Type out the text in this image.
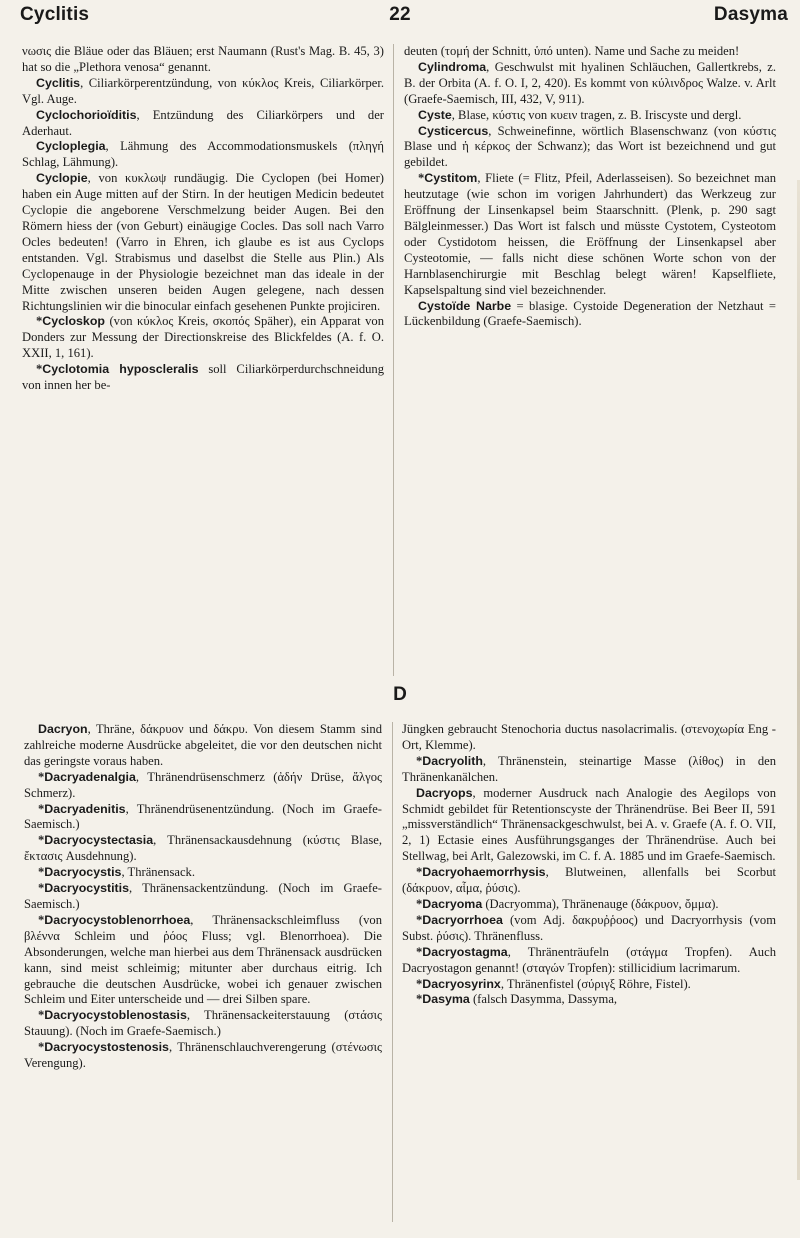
Cyclitis	22	Dasyma

νωσις die Bläue oder das Bläuen; erst Naumann (Rust's Mag. B. 45, 3) hat so die „Plethora venosa“ genannt.

Cyclitis, Ciliarkörperentzündung, von κύκλος Kreis, Ciliarkörper. Vgl. Auge.

Cyclochorioïditis, Entzündung des Ciliarkörpers und der Aderhaut.

Cycloplegia, Lähmung des Accommodationsmuskels (πληγή Schlag, Lähmung).

Cyclopie, von κυκλωψ rundäugig. Die Cyclopen (bei Homer) haben ein Auge mitten auf der Stirn. In der heutigen Medicin bedeutet Cyclopie die angeborene Verschmelzung beider Augen. Bei den Römern hiess der (von Geburt) einäugige Cocles. Das soll nach Varro Ocles bedeuten! (Varro in Ehren, ich glaube es ist aus Cyclops entstanden. Vgl. Strabismus und daselbst die Stelle aus Plin.) Als Cyclopenauge in der Physiologie bezeichnet man das ideale in der Mitte zwischen unseren beiden Augen gelegene, nach dessen Richtungslinien wir die binocular einfach gesehenen Punkte projiciren.

*Cycloskop (von κύκλος Kreis, σκοπός Späher), ein Apparat von Donders zur Messung der Directionskreise des Blickfeldes (A. f. O. XXII, 1, 161).

*Cyclotomia hyposcleralis soll Ciliarkörperdurchschneidung von innen her be-

deuten (τομή der Schnitt, ὑπό unten). Name und Sache zu meiden!

Cylindroma, Geschwulst mit hyalinen Schläuchen, Gallertkrebs, z. B. der Orbita (A. f. O. I, 2, 420). Es kommt von κύλινδρος Walze. v. Arlt (Graefe-Saemisch, III, 432, V, 911).

Cyste, Blase, κύστις von κυειν tragen, z. B. Iriscyste und dergl.

Cysticercus, Schweinefinne, wörtlich Blasenschwanz (von κύστις Blase und ἡ κέρκος der Schwanz); das Wort ist bezeichnend und gut gebildet.

*Cystitom, Fliete (= Flitz, Pfeil, Aderlasseisen). So bezeichnet man heutzutage (wie schon im vorigen Jahrhundert) das Werkzeug zur Eröffnung der Linsenkapsel beim Staarschnitt. (Plenk, p. 290 sagt Bälgleinmesser.) Das Wort ist falsch und müsste Cystotem, Cysteotom oder Cystidotom heissen, die Eröffnung der Linsenkapsel aber Cysteotomie, — falls nicht diese schönen Worte schon von der Harnblasenchirurgie mit Beschlag belegt wären! Kapselfliete, Kapselspaltung sind viel bezeichnender.

Cystoïde Narbe = blasige. Cystoide Degeneration der Netzhaut = Lückenbildung (Graefe-Saemisch).

D

Dacryon, Thräne, δάκρυον und δάκρυ. Von diesem Stamm sind zahlreiche moderne Ausdrücke abgeleitet, die vor den deutschen nicht das geringste voraus haben.

*Dacryadenalgia, Thränendrüsenschmerz (ἀδήν Drüse, ἄλγος Schmerz).

*Dacryadenitis, Thränendrüsenentzündung. (Noch im Graefe-Saemisch.)

*Dacryocystectasia, Thränensackausdehnung (κύστις Blase, ἔκτασις Ausdehnung).

*Dacryocystis, Thränensack.

*Dacryocystitis, Thränensackentzündung. (Noch im Graefe-Saemisch.)

*Dacryocystoblenorrhoea, Thränensackschleimfluss (von βλέννα Schleim und ῥόος Fluss; vgl. Blenorrhoea). Die Absonderungen, welche man hierbei aus dem Thränensack ausdrücken kann, sind meist schleimig; mitunter aber durchaus eitrig. Ich gebrauche die deutschen Ausdrücke, wobei ich genauer zwischen Schleim und Eiter unterscheide und — drei Silben spare.

*Dacryocystoblenostasis, Thränensackeiterstauung (στάσις Stauung). (Noch im Graefe-Saemisch.)

*Dacryocystostenosis, Thränenschlauchverengerung (στένωσις Verengung).

Jüngken gebraucht Stenochoria ductus nasolacrimalis. (στενοχωρία Eng - Ort, Klemme).

*Dacryolith, Thränenstein, steinartige Masse (λίθος) in den Thränenkanälchen.

Dacryops, moderner Ausdruck nach Analogie des Aegilops von Schmidt gebildet für Retentionscyste der Thränendrüse. Bei Beer II, 591 „missverständlich“ Thränensackgeschwulst, bei A. v. Graefe (A. f. O. VII, 2, 1) Ectasie eines Ausführungsganges der Thränendrüse. Auch bei Stellwag, bei Arlt, Galezowski, im C. f. A. 1885 und im Graefe-Saemisch.

*Dacryohaemorrhysis, Blutweinen, allenfalls bei Scorbut (δάκρυον, αἷμα, ῥύσις).

*Dacryoma (Dacryomma), Thränenauge (δάκρυον, ὄμμα).

*Dacryorrhoea (vom Adj. δακρυῤῥοος) und Dacryorrhysis (vom Subst. ῥύσις). Thränenfluss.

*Dacryostagma, Thränenträufeln (στάγμα Tropfen). Auch Dacryostagon genannt! (σταγών Tropfen): stillicidium lacrimarum.

*Dacryosyrinx, Thränenfistel (σύριγξ Röhre, Fistel).

*Dasyma (falsch Dasymma, Dassyma,
